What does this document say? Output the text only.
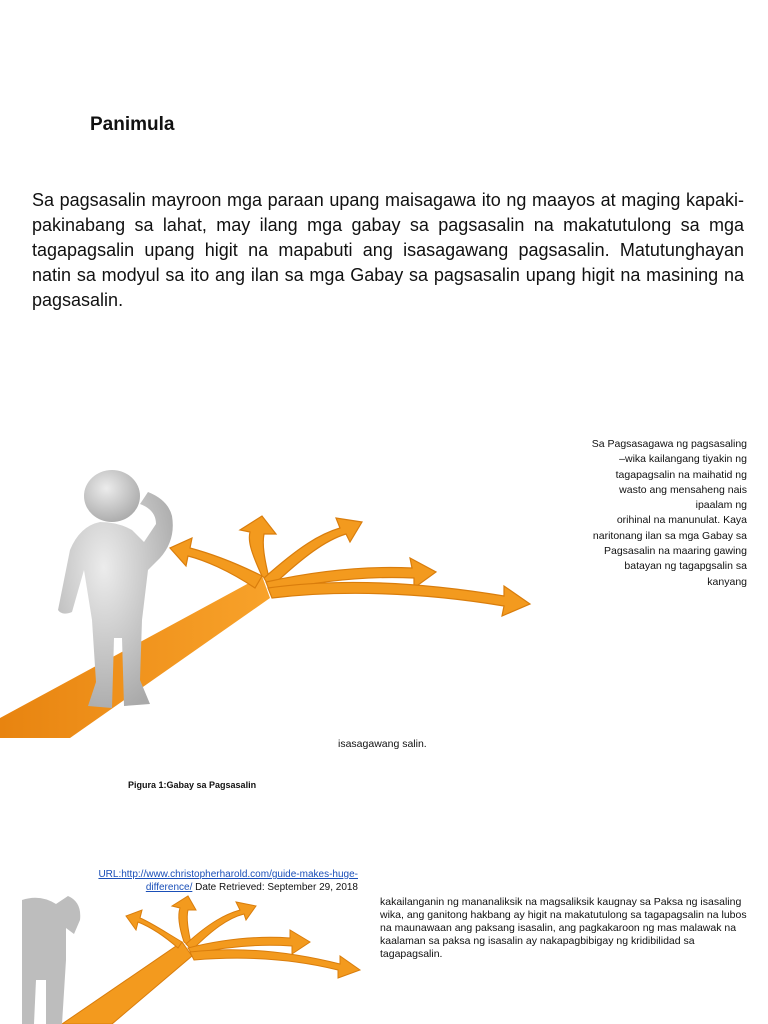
Panimula
Sa pagsasalin mayroon mga paraan upang maisagawa ito ng maayos at maging kapaki-pakinabang sa lahat, may ilang mga gabay sa pagsasalin na makatutulong sa mga tagapagsalin upang higit na mapabuti ang isasagawang pagsasalin. Matutunghayan natin sa modyul sa ito ang ilan sa mga Gabay sa pagsasalin upang higit na masining na pagsasalin.
Sa Pagsasagawa ng pagsasaling
–wika kailangang tiyakin ng
tagapagsalin na maihatid ng
wasto ang mensaheng nais
ipaalam ng
orihinal na manunulat. Kaya
naritonang ilan sa mga Gabay sa
Pagsasalin na maaring gawing
batayan ng tagapgsalin sa
kanyang
isasagawang salin.
Pigura 1:Gabay sa Pagsasalin
URL:http://www.christopherharold.com/guide-makes-huge-difference/ Date Retrieved: September 29, 2018
kakailanganin ng mananaliksik na magsaliksik kaugnay sa Paksa ng isasaling wika, ang ganitong hakbang ay higit na makatutulong sa tagapagsalin na lubos na maunawaan ang paksang isasalin, ang pagkakaroon ng mas malawak na kaalaman sa paksa ng isasalin ay nakapagbibigay ng kridibilidad sa tagapagsalin.
